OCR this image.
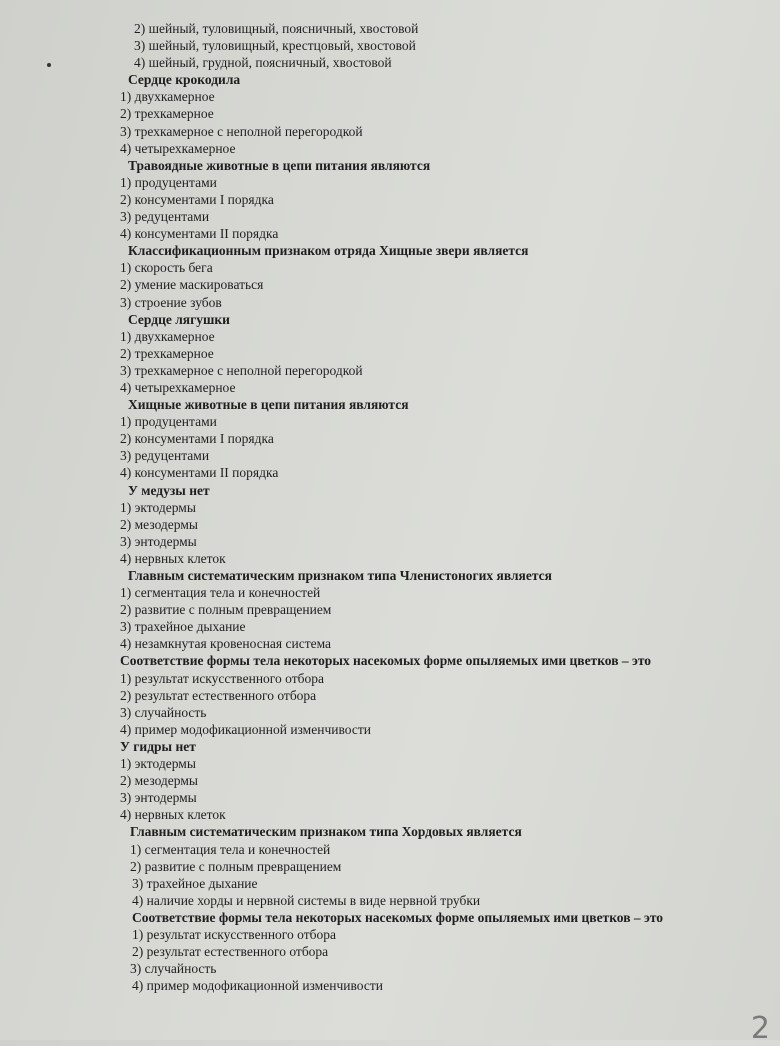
2) шейный, туловищный, поясничный, хвостовой
3) шейный, туловищный, крестцовый, хвостовой
4) шейный, грудной, поясничный, хвостовой
Сердце крокодила
1) двухкамерное
2) трехкамерное
3) трехкамерное с неполной перегородкой
4) четырехкамерное
Травоядные животные в цепи питания являются
1) продуцентами
2) консументами I порядка
3) редуцентами
4) консументами II порядка
Классификационным признаком отряда Хищные звери является
1) скорость бега
2) умение маскироваться
3) строение зубов
Сердце лягушки
1) двухкамерное
2) трехкамерное
3) трехкамерное с неполной перегородкой
4) четырехкамерное
Хищные животные в цепи питания являются
1) продуцентами
2) консументами I порядка
3) редуцентами
4) консументами II порядка
У медузы нет
1) эктодермы
2) мезодермы
3) энтодермы
4) нервных клеток
Главным систематическим признаком типа Членистоногих является
1) сегментация тела и конечностей
2) развитие с полным превращением
3) трахейное дыхание
4) незамкнутая кровеносная система
Соответствие формы тела некоторых насекомых форме опыляемых ими цветков – это
1) результат искусственного отбора
2) результат естественного отбора
3) случайность
4) пример модофикационной изменчивости
У гидры нет
1) эктодермы
2) мезодермы
3) энтодермы
4) нервных клеток
Главным систематическим признаком типа Хордовых является
1) сегментация тела и конечностей
2) развитие с полным превращением
3) трахейное дыхание
4) наличие хорды и нервной системы в виде нервной трубки
Соответствие формы тела некоторых насекомых форме опыляемых ими цветков – это
1) результат искусственного отбора
2) результат естественного отбора
3) случайность
4) пример модофикационной изменчивости
2
